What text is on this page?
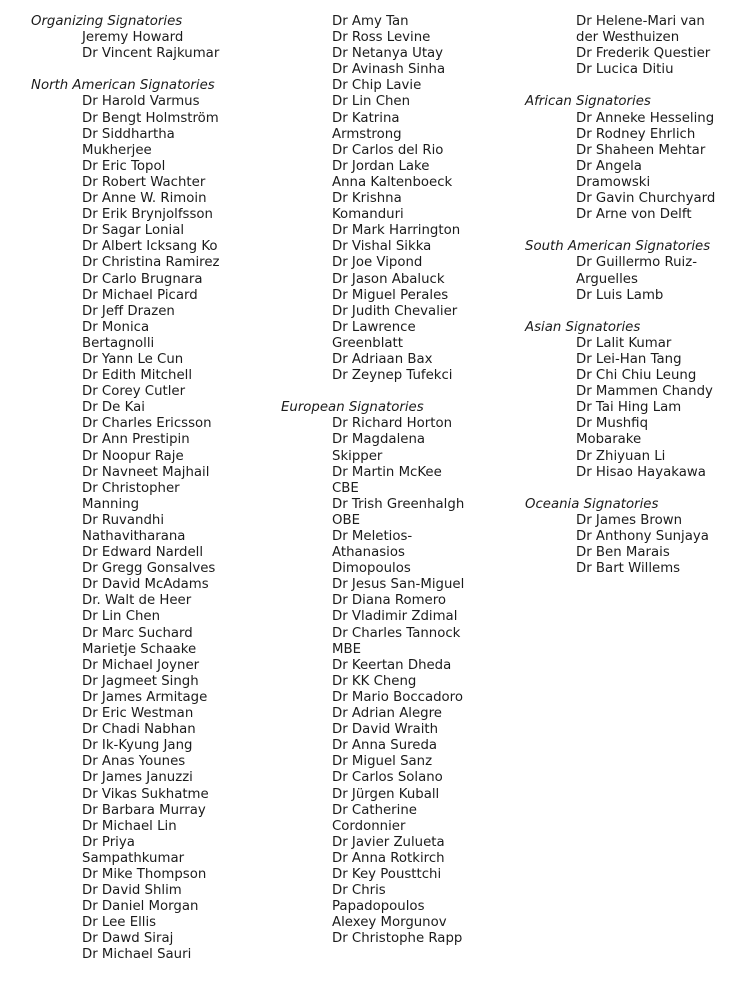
Organizing Signatories
Jeremy Howard
Dr Vincent Rajkumar
North American Signatories
Dr Harold Varmus
Dr Bengt Holmström
Dr Siddhartha
Mukherjee
Dr Eric Topol
Dr Robert Wachter
Dr Anne W. Rimoin
Dr Erik Brynjolfsson
Dr Sagar Lonial
Dr Albert Icksang Ko
Dr Christina Ramirez
Dr Carlo Brugnara
Dr Michael Picard
Dr Jeff Drazen
Dr Monica
Bertagnolli
Dr Yann Le Cun
Dr Edith Mitchell
Dr Corey Cutler
Dr De Kai
Dr Charles Ericsson
Dr Ann Prestipin
Dr Noopur Raje
Dr Navneet Majhail
Dr Christopher
Manning
Dr Ruvandhi
Nathavitharana
Dr Edward Nardell
Dr Gregg Gonsalves
Dr David McAdams
Dr. Walt de Heer
Dr Lin Chen
Dr Marc Suchard
Marietje Schaake
Dr Michael Joyner
Dr Jagmeet Singh
Dr James Armitage
Dr Eric Westman
Dr Chadi Nabhan
Dr Ik-Kyung Jang
Dr Anas Younes
Dr James Januzzi
Dr Vikas Sukhatme
Dr Barbara Murray
Dr Michael Lin
Dr Priya
Sampathkumar
Dr Mike Thompson
Dr David Shlim
Dr Daniel Morgan
Dr Lee Ellis
Dr Dawd Siraj
Dr Michael Sauri
Dr Amy Tan
Dr Ross Levine
Dr Netanya Utay
Dr Avinash Sinha
Dr Chip Lavie
Dr Lin Chen
Dr Katrina
Armstrong
Dr Carlos del Rio
Dr Jordan Lake
Anna Kaltenboeck
Dr Krishna
Komanduri
Dr Mark Harrington
Dr Vishal Sikka
Dr Joe Vipond
Dr Jason Abaluck
Dr Miguel Perales
Dr Judith Chevalier
Dr Lawrence
Greenblatt
Dr Adriaan Bax
Dr Zeynep Tufekci
European Signatories
Dr Richard Horton
Dr Magdalena
Skipper
Dr Martin McKee
CBE
Dr Trish Greenhalgh
OBE
Dr Meletios-
Athanasios
Dimopoulos
Dr Jesus San-Miguel
Dr Diana Romero
Dr Vladimir Zdimal
Dr Charles Tannock
MBE
Dr Keertan Dheda
Dr KK Cheng
Dr Mario Boccadoro
Dr Adrian Alegre
Dr David Wraith
Dr Anna Sureda
Dr Miguel Sanz
Dr Carlos Solano
Dr Jürgen Kuball
Dr Catherine
Cordonnier
Dr Javier Zulueta
Dr Anna Rotkirch
Dr Key Pousttchi
Dr Chris
Papadopoulos
Alexey Morgunov
Dr Christophe Rapp
Dr Helene-Mari van
der Westhuizen
Dr Frederik Questier
Dr Lucica Ditiu
African Signatories
Dr Anneke Hesseling
Dr Rodney Ehrlich
Dr Shaheen Mehtar
Dr Angela
Dramowski
Dr Gavin Churchyard
Dr Arne von Delft
South American Signatories
Dr Guillermo Ruiz-
Arguelles
Dr Luis Lamb
Asian Signatories
Dr Lalit Kumar
Dr Lei-Han Tang
Dr Chi Chiu Leung
Dr Mammen Chandy
Dr Tai Hing Lam
Dr Mushfiq
Mobarake
Dr Zhiyuan Li
Dr Hisao Hayakawa
Oceania Signatories
Dr James Brown
Dr Anthony Sunjaya
Dr Ben Marais
Dr Bart Willems
